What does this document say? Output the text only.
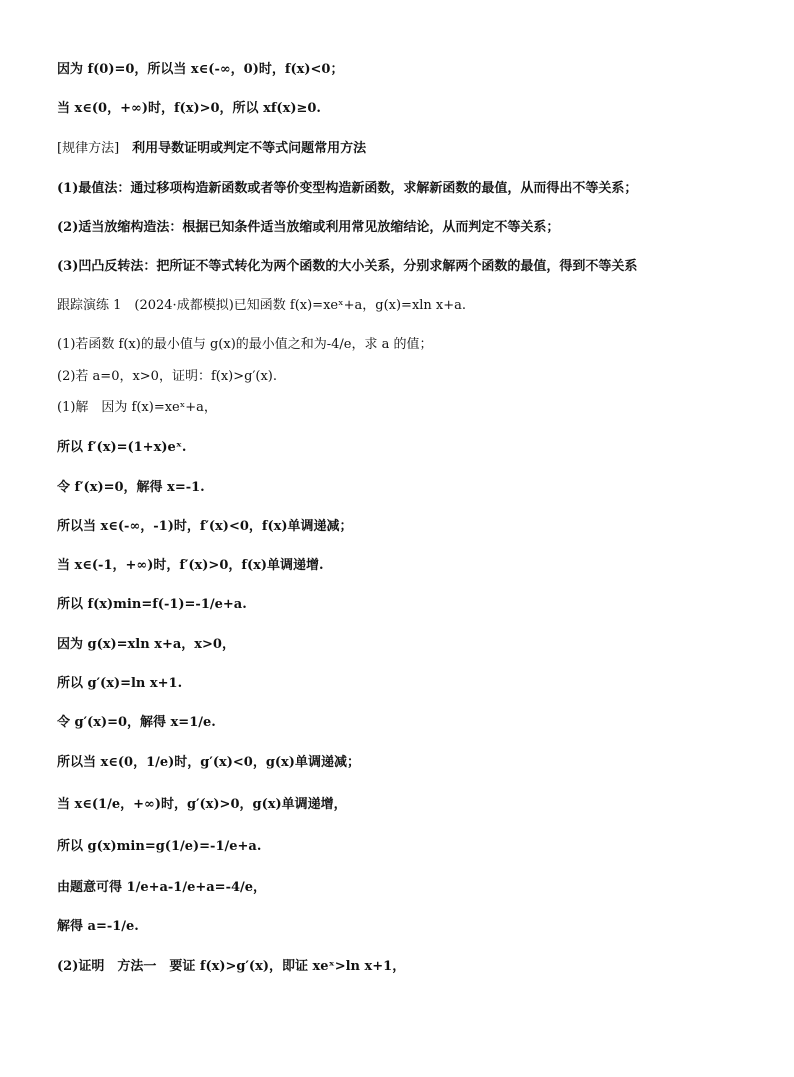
因为 f(0)=0，所以当 x∈(-∞，0)时，f(x)<0；
当 x∈(0，+∞)时，f(x)>0，所以 xf(x)≥0.
[规律方法]　利用导数证明或判定不等式问题常用方法
(1)最值法：通过移项构造新函数或者等价变型构造新函数，求解新函数的最值，从而得出不等关系；
(2)适当放缩构造法：根据已知条件适当放缩或利用常见放缩结论，从而判定不等关系；
(3)凹凸反转法：把所证不等式转化为两个函数的大小关系，分别求解两个函数的最值，得到不等关系
跟踪演练 1　(2024·成都模拟)已知函数 f(x)=xeˣ+a，g(x)=xln x+a.
(1)若函数 f(x)的最小值与 g(x)的最小值之和为-4/e，求 a 的值；
(2)若 a=0，x>0，证明：f(x)>g′(x).
(1)解　因为 f(x)=xeˣ+a，
所以 f′(x)=(1+x)eˣ.
令 f′(x)=0，解得 x=-1.
所以当 x∈(-∞，-1)时，f′(x)<0，f(x)单调递减；
当 x∈(-1，+∞)时，f′(x)>0，f(x)单调递增.
所以 f(x)min=f(-1)=-1/e+a.
因为 g(x)=xln x+a，x>0，
所以 g′(x)=ln x+1.
令 g′(x)=0，解得 x=1/e.
所以当 x∈(0，1/e)时，g′(x)<0，g(x)单调递减；
当 x∈(1/e，+∞)时，g′(x)>0，g(x)单调递增，
所以 g(x)min=g(1/e)=-1/e+a.
由题意可得 1/e+a-1/e+a=-4/e，
解得 a=-1/e.
(2)证明　方法一　要证 f(x)>g′(x)，即证 xeˣ>ln x+1，
